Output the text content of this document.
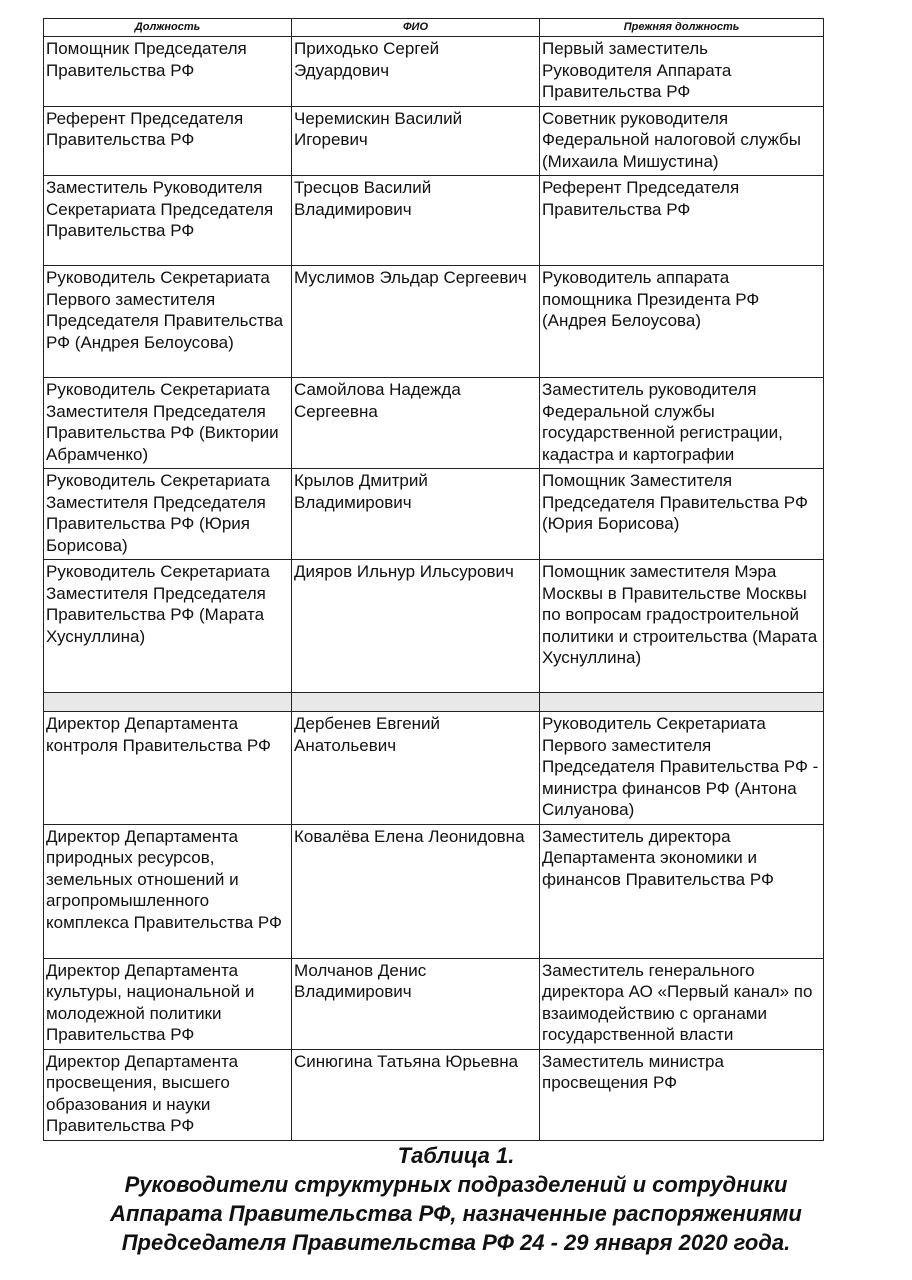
Должность	ФИО	Прежняя должность
Помощник Председателя Правительства РФ	Приходько Сергей Эдуардович	Первый заместитель Руководителя Аппарата Правительства РФ
Референт Председателя Правительства РФ	Черемискин Василий Игоревич	Советник руководителя Федеральной налоговой службы (Михаила Мишустина)
Заместитель Руководителя Секретариата Председателя Правительства РФ	Тресцов Василий Владимирович	Референт Председателя Правительства РФ
Руководитель Секретариата Первого заместителя Председателя Правительства РФ (Андрея Белоусова)	Муслимов Эльдар Сергеевич	Руководитель аппарата помощника Президента РФ (Андрея Белоусова)
Руководитель Секретариата Заместителя Председателя Правительства РФ (Виктории Абрамченко)	Самойлова Надежда Сергеевна	Заместитель руководителя Федеральной службы государственной регистрации, кадастра и картографии
Руководитель Секретариата Заместителя Председателя Правительства РФ (Юрия Борисова)	Крылов Дмитрий Владимирович	Помощник Заместителя Председателя Правительства РФ (Юрия Борисова)
Руководитель Секретариата Заместителя Председателя Правительства РФ (Марата Хуснуллина)	Дияров Ильнур Ильсурович	Помощник заместителя Мэра Москвы в Правительстве Москвы по вопросам градостроительной политики и строительства (Марата Хуснуллина)

Директор Департамента контроля Правительства РФ	Дербенев Евгений Анатольевич	Руководитель Секретариата Первого заместителя Председателя Правительства РФ - министра финансов РФ (Антона Силуанова)
Директор Департамента природных ресурсов, земельных отношений и агропромышленного комплекса Правительства РФ	Ковалёва Елена Леонидовна	Заместитель директора Департамента экономики и финансов Правительства РФ
Директор Департамента культуры, национальной и молодежной политики Правительства РФ	Молчанов Денис Владимирович	Заместитель генерального директора АО «Первый канал» по взаимодействию с органами государственной власти
Директор Департамента просвещения, высшего образования и науки Правительства РФ	Синюгина Татьяна Юрьевна	Заместитель министра просвещения РФ
Таблица 1.
Руководители структурных подразделений и сотрудники
Аппарата Правительства РФ, назначенные распоряжениями
Председателя Правительства РФ 24 - 29 января 2020 года.
